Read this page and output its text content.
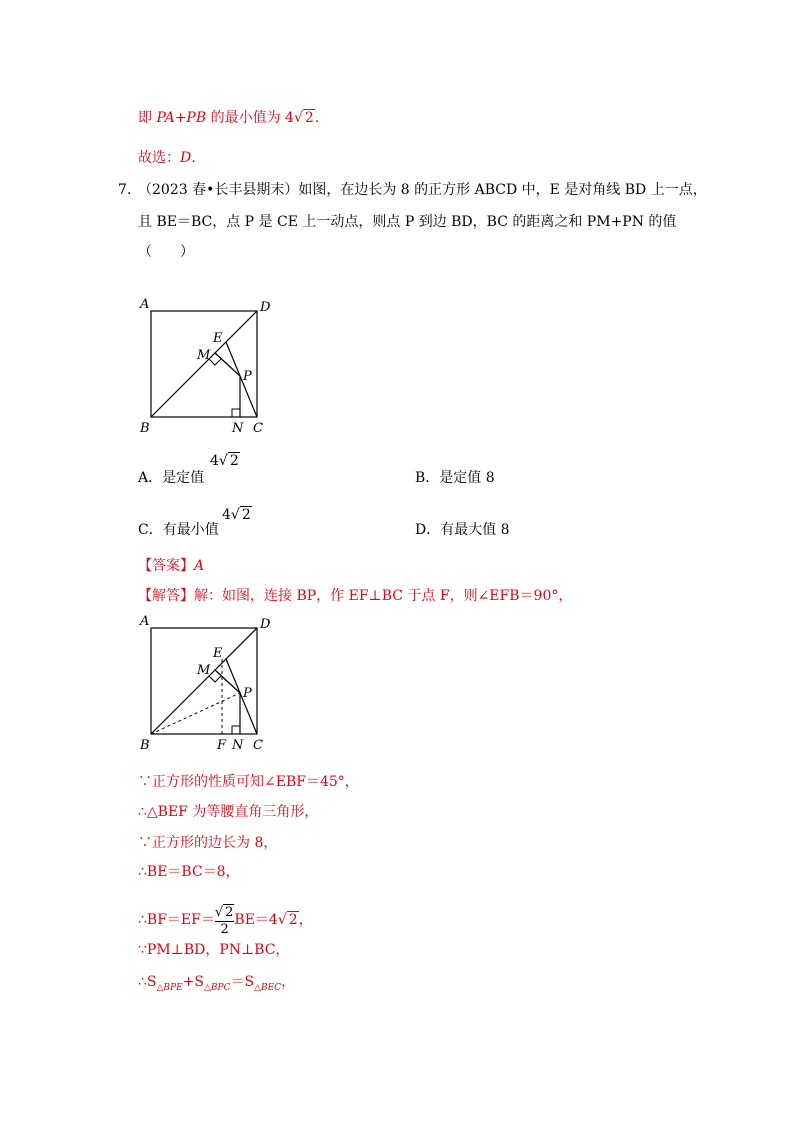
即 PA+PB 的最小值为 4√ 2.
故选：D.
7. （2023 春•长丰县期末）如图，在边长为 8 的正方形 ABCD 中，E 是对角线 BD 上一点，
且 BE＝BC，点 P 是 CE 上一动点，则点 P 到边 BD，BC 的距离之和 PM+PN 的值
（　　）
A	D
B	C
E
M
P
N
A．是定值
4√ 2
B．是定值 8
C．有最小值
4√ 2
D．有最大值 8
【答案】A
【解答】解：如图，连接 BP，作 EF⊥BC 于点 F，则∠EFB＝90°，
A	D
B	C
E
M
P
F N
∵正方形的性质可知∠EBF＝45°，
∴△BEF 为等腰直角三角形，
∵正方形的边长为 8，
∴BE＝BC＝8，
∴BF＝EF＝ $\frac{√ 2}{2} BE=4√$ 2，
∵PM⊥BD，PN⊥BC，
$\therefore S_{\triangle BPE}+S_{\triangle BPC}=S_{\triangle BEC}$，
